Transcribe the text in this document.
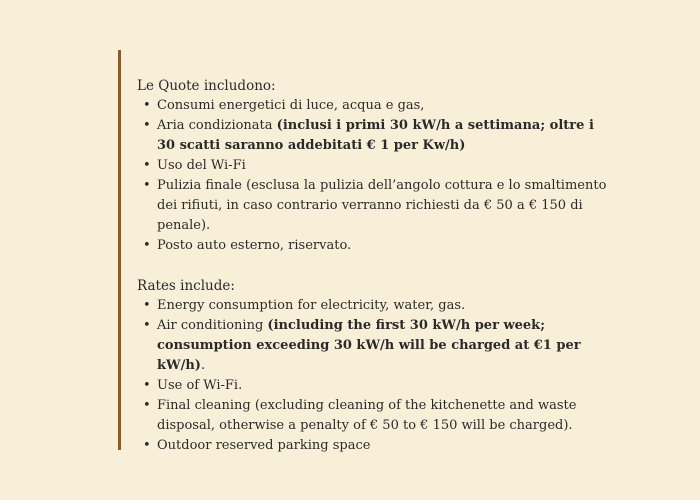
Le Quote includono:
• Consumi energetici di luce, acqua e gas,
• Aria condizionata (inclusi i primi 30 kW/h a settimana; oltre i 30 scatti saranno addebitati € 1 per Kw/h)
• Uso del Wi-Fi
• Pulizia finale (esclusa la pulizia dell’angolo cottura e lo smaltimento dei rifiuti, in caso contrario verranno richiesti da € 50 a € 150 di penale).
• Posto auto esterno, riservato.
Rates include:
• Energy consumption for electricity, water, gas.
• Air conditioning (including the first 30 kW/h per week; consumption exceeding 30 kW/h will be charged at €1 per kW/h).
• Use of Wi-Fi.
• Final cleaning (excluding cleaning of the kitchenette and waste disposal, otherwise a penalty of € 50 to € 150 will be charged).
• Outdoor reserved parking space
